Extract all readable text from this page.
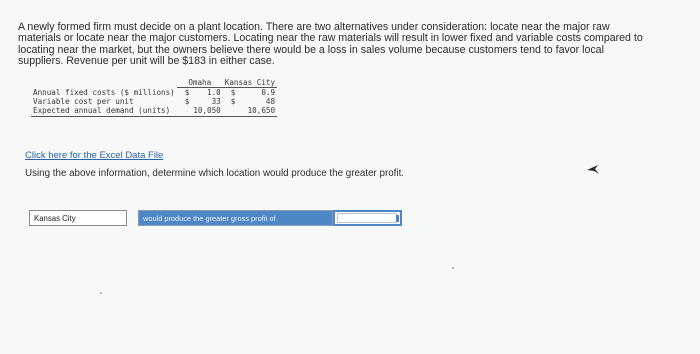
A newly formed firm must decide on a plant location. There are two alternatives under consideration: locate near the major raw

materials or locate near the major customers. Locating near the raw materials will result in lower fixed and variable costs compared to

locating near the market, but the owners believe there would be a loss in sales volume because customers tend to favor local

suppliers. Revenue per unit will be $183 in either case.

	Omaha		Kansas City	
Annual fixed costs ($ millions)	$	1.0	$	0.9
Variable cost per unit	$	33	$	48
Expected annual demand (units)		10,050		10,650
Click here for the Excel Data File
Using the above information, determine which location would produce the greater profit.
Kansas City	would produce the greater gross profit of
